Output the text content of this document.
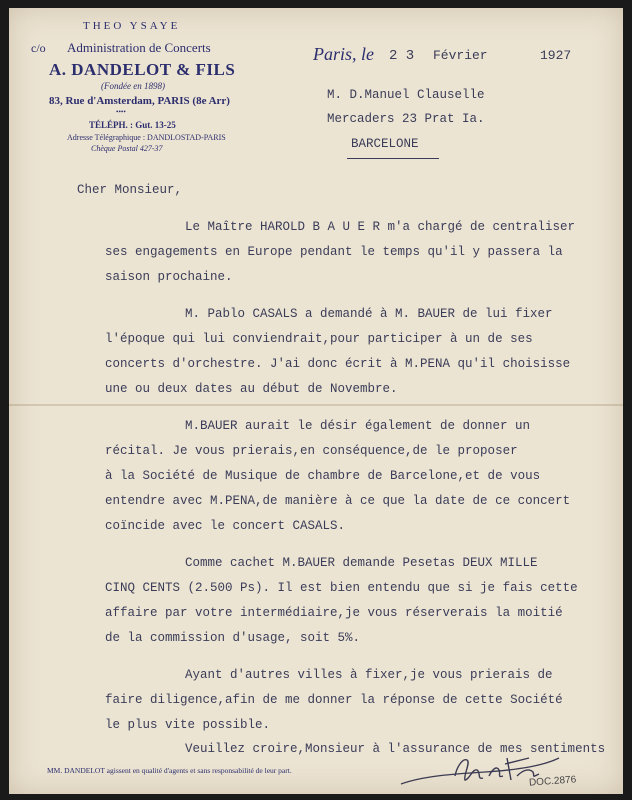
THEO YSAYE
c/o Administration de Concerts
A. DANDELOT & FILS
(Fondée en 1898)
83, Rue d'Amsterdam, PARIS (8e Arr)
••••
TÉLÉPH. : Gut. 13-25
Adresse Télégraphique : DANDLOSTAD-PARIS
Chèque Postal 427-37
Paris, le 2 3 Février	1927
M. D.Manuel Clauselle
Mercaders 23 Prat Ia.
BARCELONE
Cher Monsieur,
Le Maître HAROLD B A U E R m'a chargé de centraliser
ses engagements en Europe pendant le temps qu'il y passera la
saison prochaine.
M. Pablo CASALS a demandé à M. BAUER de lui fixer
l'époque qui lui conviendrait,pour participer à un de ses
concerts d'orchestre. J'ai donc écrit à M.PENA qu'il choisisse
une ou deux dates au début de Novembre.
M.BAUER aurait le désir également de donner un
récital. Je vous prierais,en conséquence,de le proposer
à la Société de Musique de chambre de Barcelone,et de vous
entendre avec M.PENA,de manière à ce que la date de ce concert
coïncide avec le concert CASALS.
Comme cachet M.BAUER demande Pesetas DEUX MILLE
CINQ CENTS (2.500 Ps). Il est bien entendu que si je fais cette
affaire par votre intermédiaire,je vous réserverais la moitié
de la commission d'usage, soit 5%.
Ayant d'autres villes à fixer,je vous prierais de
faire diligence,afin de me donner la réponse de cette Société
le plus vite possible.
Veuillez croire,Monsieur à l'assurance de mes sentiments
MM. DANDELOT agissent en qualité d'agents et sans responsabilité de leur part.
DOC.2876
